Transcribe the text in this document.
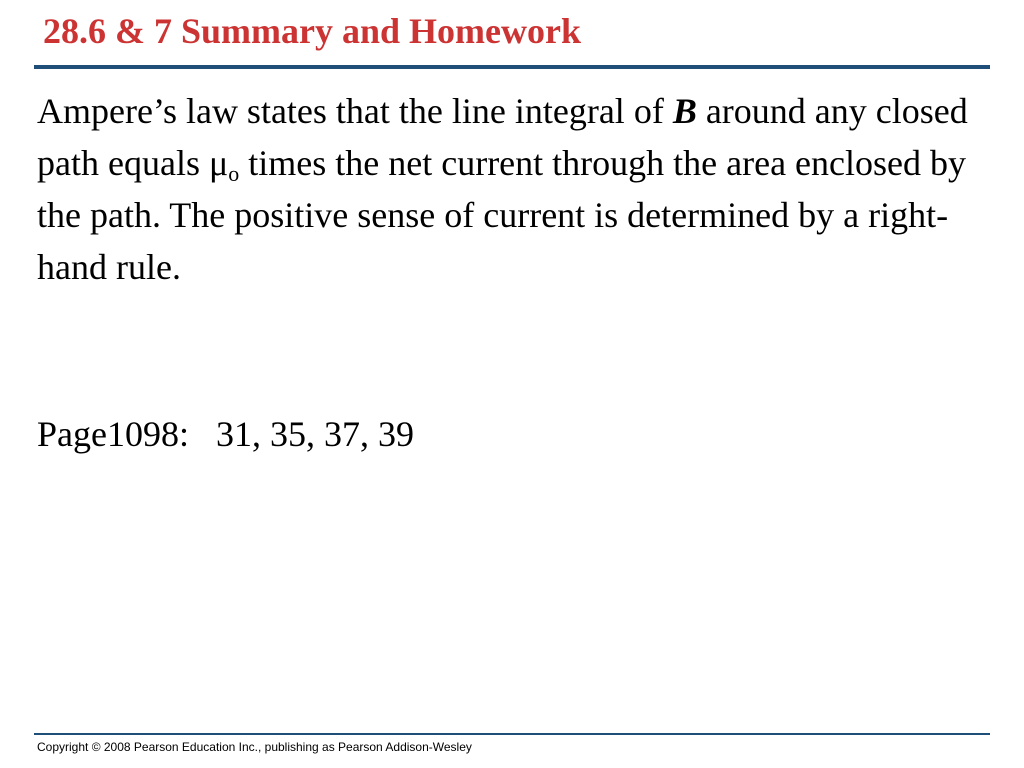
28.6 & 7 Summary and Homework

Ampere’s law states that the line integral of B around any closed path equals $\mu_o$ times the net current through the area enclosed by the path. The positive sense of current is determined by a right-hand rule.

Page1098: 31, 35, 37, 39

Copyright © 2008 Pearson Education Inc., publishing as Pearson Addison-Wesley
